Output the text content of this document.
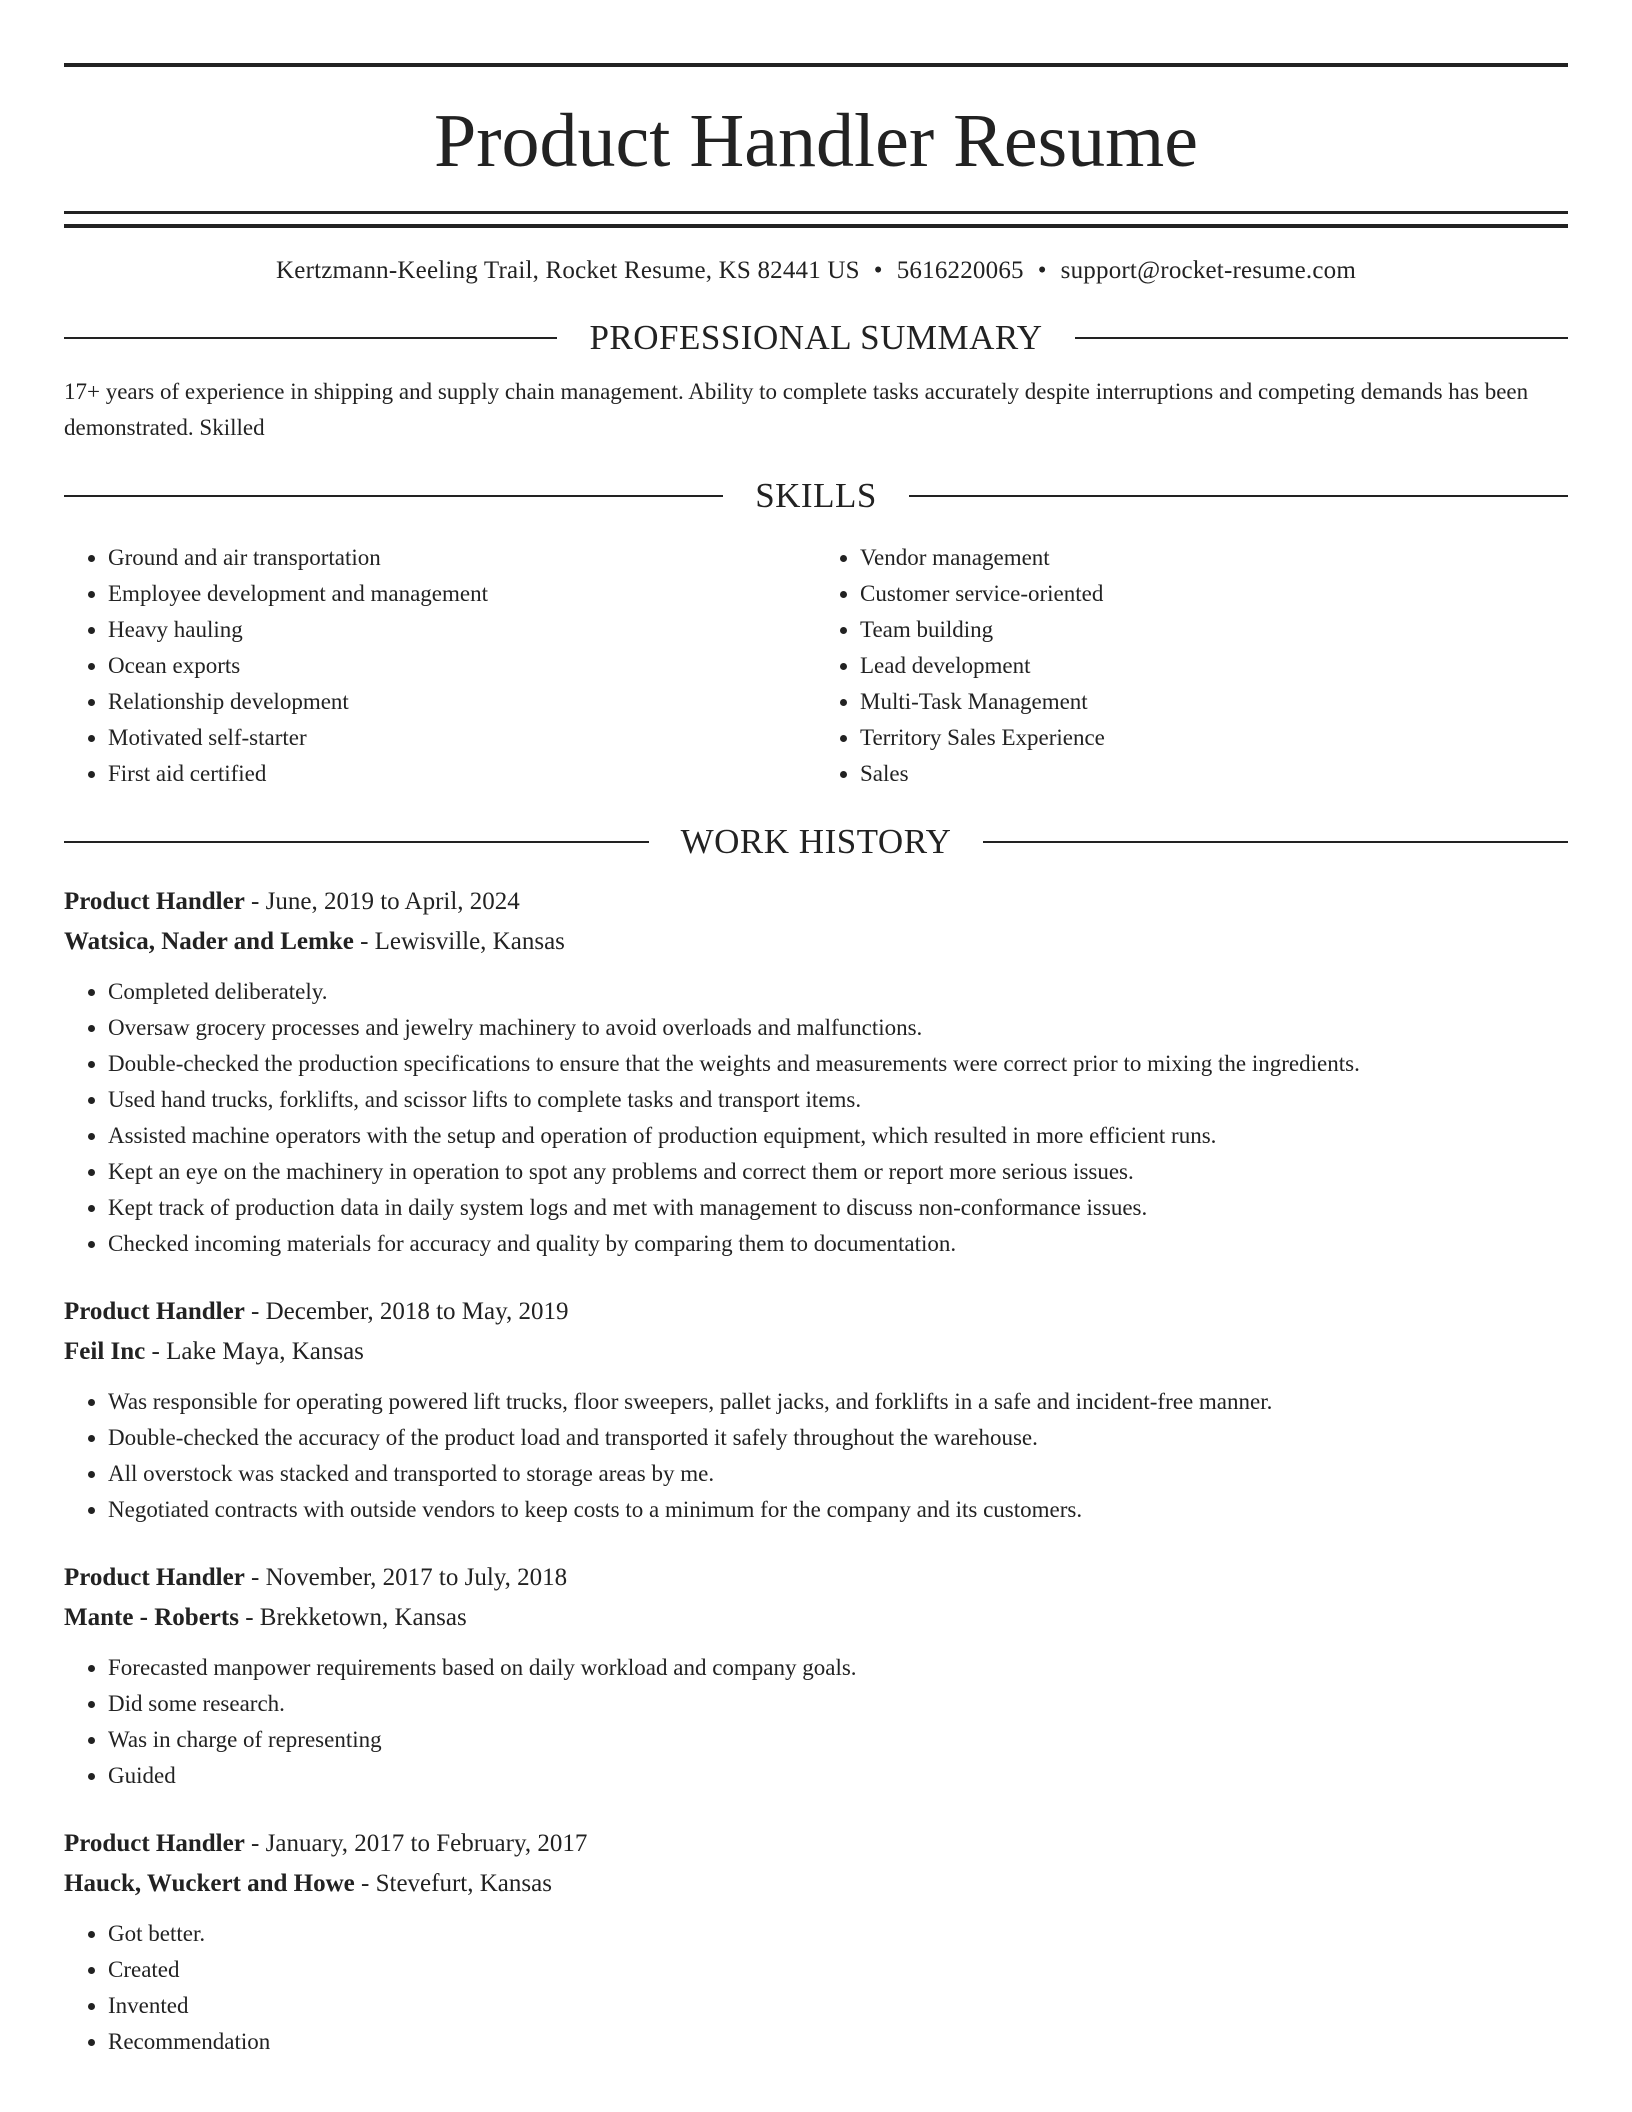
Product Handler Resume
Kertzmann-Keeling Trail, Rocket Resume, KS 82441 US • 5616220065 • support@rocket-resume.com
PROFESSIONAL SUMMARY
17+ years of experience in shipping and supply chain management. Ability to complete tasks accurately despite interruptions and competing demands has been demonstrated. Skilled
SKILLS
• Ground and air transportation
• Employee development and management
• Heavy hauling
• Ocean exports
• Relationship development
• Motivated self-starter
• First aid certified
• Vendor management
• Customer service-oriented
• Team building
• Lead development
• Multi-Task Management
• Territory Sales Experience
• Sales
WORK HISTORY
Product Handler - June, 2019 to April, 2024
Watsica, Nader and Lemke - Lewisville, Kansas
• Completed deliberately.
• Oversaw grocery processes and jewelry machinery to avoid overloads and malfunctions.
• Double-checked the production specifications to ensure that the weights and measurements were correct prior to mixing the ingredients.
• Used hand trucks, forklifts, and scissor lifts to complete tasks and transport items.
• Assisted machine operators with the setup and operation of production equipment, which resulted in more efficient runs.
• Kept an eye on the machinery in operation to spot any problems and correct them or report more serious issues.
• Kept track of production data in daily system logs and met with management to discuss non-conformance issues.
• Checked incoming materials for accuracy and quality by comparing them to documentation.
Product Handler - December, 2018 to May, 2019
Feil Inc - Lake Maya, Kansas
• Was responsible for operating powered lift trucks, floor sweepers, pallet jacks, and forklifts in a safe and incident-free manner.
• Double-checked the accuracy of the product load and transported it safely throughout the warehouse.
• All overstock was stacked and transported to storage areas by me.
• Negotiated contracts with outside vendors to keep costs to a minimum for the company and its customers.
Product Handler - November, 2017 to July, 2018
Mante - Roberts - Brekketown, Kansas
• Forecasted manpower requirements based on daily workload and company goals.
• Did some research.
• Was in charge of representing
• Guided
Product Handler - January, 2017 to February, 2017
Hauck, Wuckert and Howe - Stevefurt, Kansas
• Got better.
• Created
• Invented
• Recommendation
